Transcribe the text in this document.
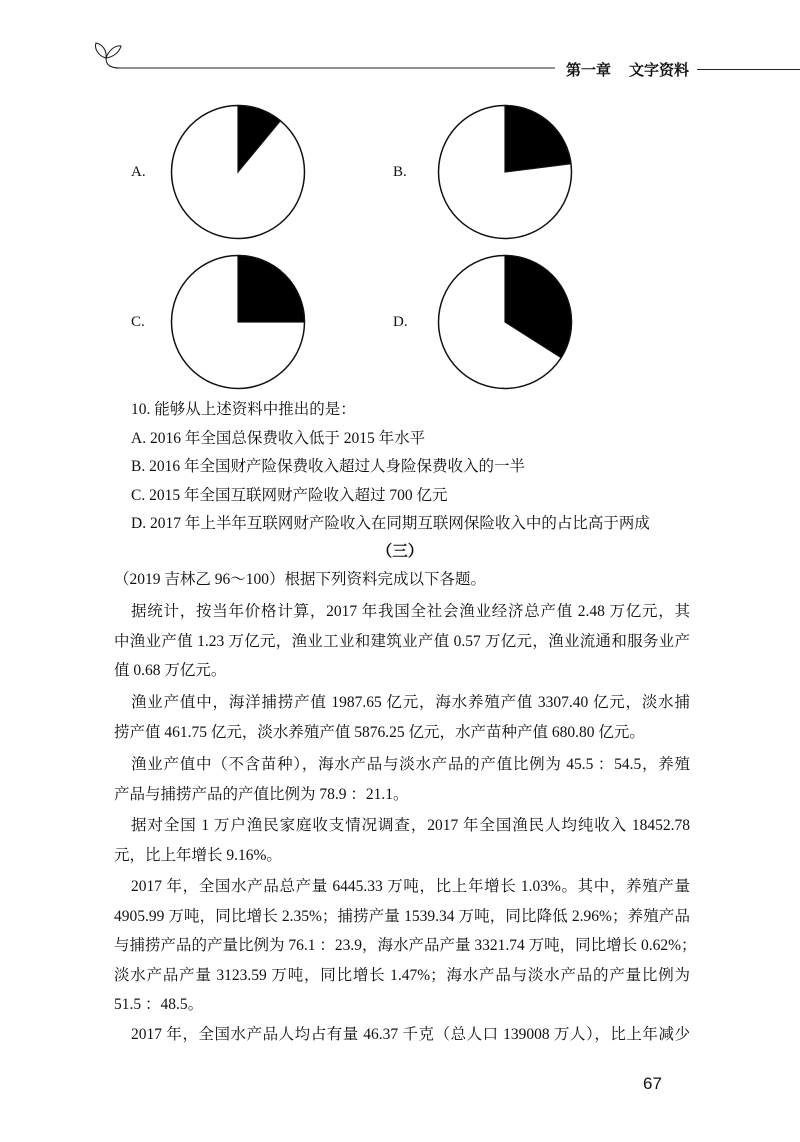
第一章 文字资料
A.	B.
C.	D.
10. 能够从上述资料中推出的是：
A. 2016 年全国总保费收入低于 2015 年水平
B. 2016 年全国财产险保费收入超过人身险保费收入的一半
C. 2015 年全国互联网财产险收入超过 700 亿元
D. 2017 年上半年互联网财产险收入在同期互联网保险收入中的占比高于两成
（三）
（2019 吉林乙 96～100）根据下列资料完成以下各题。
据统计，按当年价格计算，2017 年我国全社会渔业经济总产值 2.48 万亿元，其
中渔业产值 1.23 万亿元，渔业工业和建筑业产值 0.57 万亿元，渔业流通和服务业产
值 0.68 万亿元。
渔业产值中，海洋捕捞产值 1987.65 亿元，海水养殖产值 3307.40 亿元，淡水捕
捞产值 461.75 亿元，淡水养殖产值 5876.25 亿元，水产苗种产值 680.80 亿元。
渔业产值中（不含苗种），海水产品与淡水产品的产值比例为 45.5 ：54.5，养殖
产品与捕捞产品的产值比例为 78.9 ：21.1。
据对全国 1 万户渔民家庭收支情况调查，2017 年全国渔民人均纯收入 18452.78
元，比上年增长 9.16%。
2017 年，全国水产品总产量 6445.33 万吨，比上年增长 1.03%。其中，养殖产量
4905.99 万吨，同比增长 2.35%；捕捞产量 1539.34 万吨，同比降低 2.96%；养殖产品
与捕捞产品的产量比例为 76.1 ：23.9，海水产品产量 3321.74 万吨，同比增长 0.62%；
淡水产品产量 3123.59 万吨，同比增长 1.47%；海水产品与淡水产品的产量比例为
51.5 ：48.5。
2017 年，全国水产品人均占有量 46.37 千克（总人口 139008 万人），比上年减少
67
